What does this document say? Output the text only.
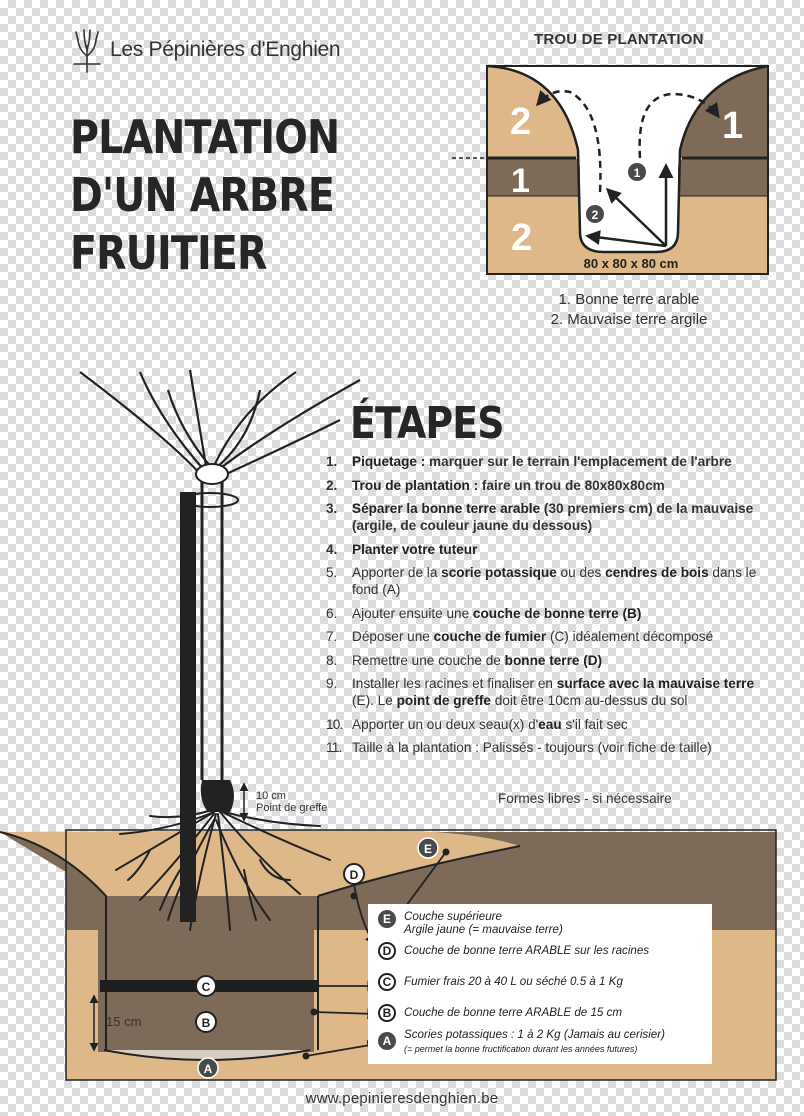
Les Pépinières d'Enghien
PLANTATION
D'UN ARBRE
FRUITIER
TROU DE PLANTATION
1
2
2	1
1
2
80 x 80 x 80 cm
1. Bonne terre arable
2. Mauvaise terre argile
E
D
C
B
A
10 cm
Point de greffe
15 cm
E	Couche supérieure
Argile jaune (= mauvaise terre)
D	Couche de bonne terre ARABLE sur les racines
C	Fumier frais 20 à 40 L ou séché 0.5 à 1 Kg
B	Couche de bonne terre ARABLE de 15 cm
A	Scories potassiques : 1 à 2 Kg (Jamais au cerisier)
(= permet la bonne fructification durant les années futures)
ÉTAPES
1.	Piquetage : marquer sur le terrain l'emplacement de l'arbre
2.	Trou de plantation : faire un trou de 80x80x80cm
3.	Séparer la bonne terre arable (30 premiers cm) de la mauvaise (argile, de couleur jaune du dessous)
4.	Planter votre tuteur
5.	Apporter de la scorie potassique ou des cendres de bois dans le fond (A)
6.	Ajouter ensuite une couche de bonne terre (B)
7.	Déposer une couche de fumier (C) idéalement décomposé
8.	Remettre une couche de bonne terre (D)
9.	Installer les racines et finaliser en surface avec la mauvaise terre (E). Le point de greffe doit être 10cm au-dessus du sol
10. Apporter un ou deux seau(x) d'eau s'il fait sec
11. Taille à la plantation : Palissés - toujours (voir fiche de taille)
Formes libres - si nécessaire
www.pepinieresdenghien.be
